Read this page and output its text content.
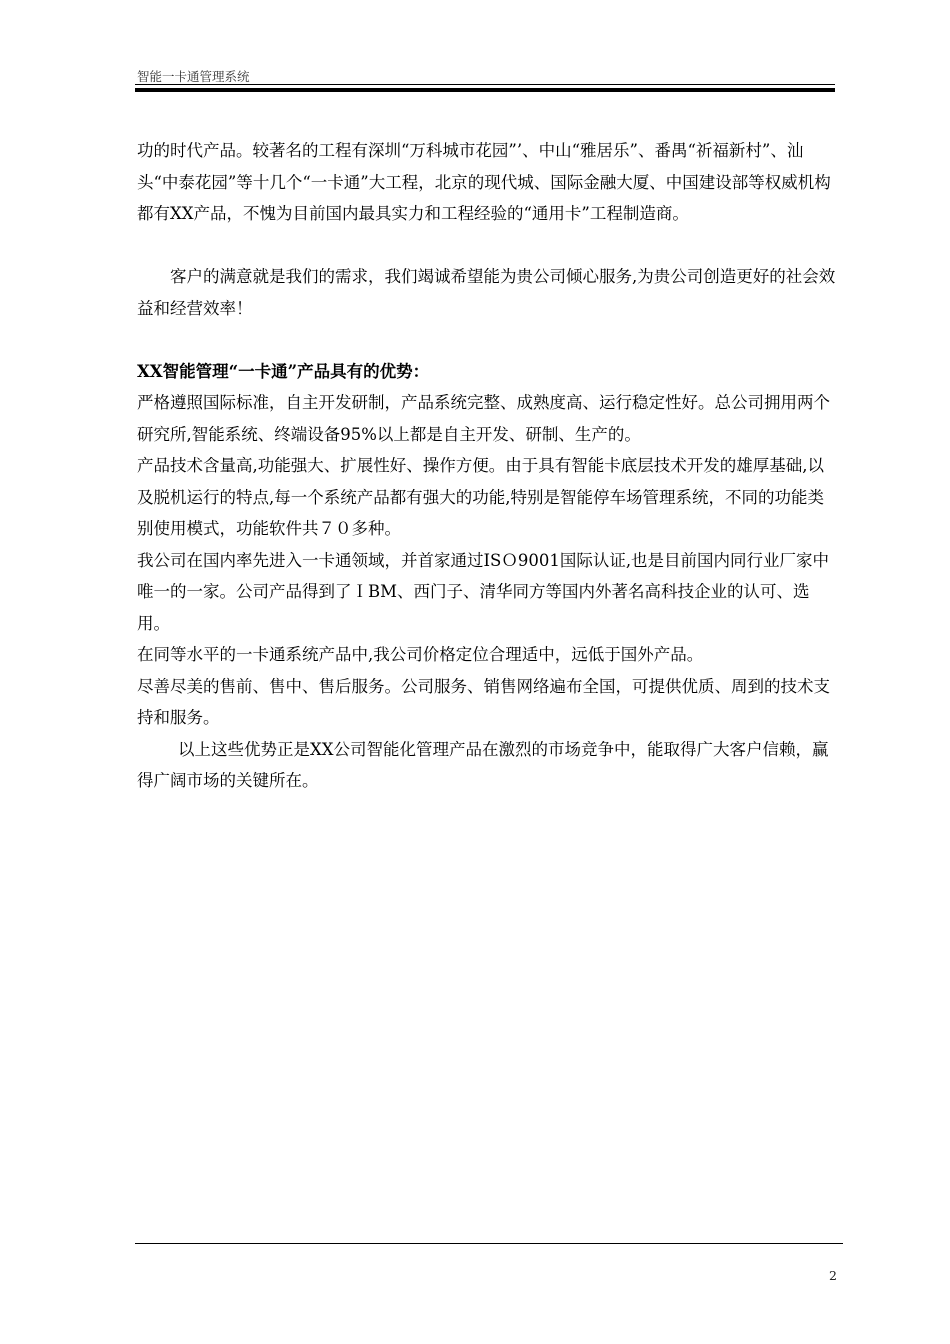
智能一卡通管理系统

功的时代产品。较著名的工程有深圳“万科城市花园”’、中山“雅居乐”、番禺“祈福新村”、汕头“中泰花园”等十几个“一卡通”大工程，北京的现代城、国际金融大厦、中国建设部等权威机构都有XX产品，不愧为目前国内最具实力和工程经验的“通用卡”工程制造商。

客户的满意就是我们的需求，我们竭诚希望能为贵公司倾心服务,为贵公司创造更好的社会效益和经营效率！

XX智能管理“一卡通”产品具有的优势：

严格遵照国际标准，自主开发研制，产品系统完整、成熟度高、运行稳定性好。总公司拥用两个研究所,智能系统、终端设备95%以上都是自主开发、研制、生产的。

产品技术含量高,功能强大、扩展性好、操作方便。由于具有智能卡底层技术开发的雄厚基础,以及脱机运行的特点,每一个系统产品都有强大的功能,特别是智能停车场管理系统，不同的功能类别使用模式，功能软件共７０多种。

我公司在国内率先进入一卡通领域，并首家通过ISＯ9001国际认证,也是目前国内同行业厂家中唯一的一家。公司产品得到了ＩBM、西门子、清华同方等国内外著名高科技企业的认可、选用。

在同等水平的一卡通系统产品中,我公司价格定位合理适中，远低于国外产品。

尽善尽美的售前、售中、售后服务。公司服务、销售网络遍布全国，可提供优质、周到的技术支持和服务。

以上这些优势正是XX公司智能化管理产品在激烈的市场竞争中，能取得广大客户信赖，赢得广阔市场的关键所在。

2
